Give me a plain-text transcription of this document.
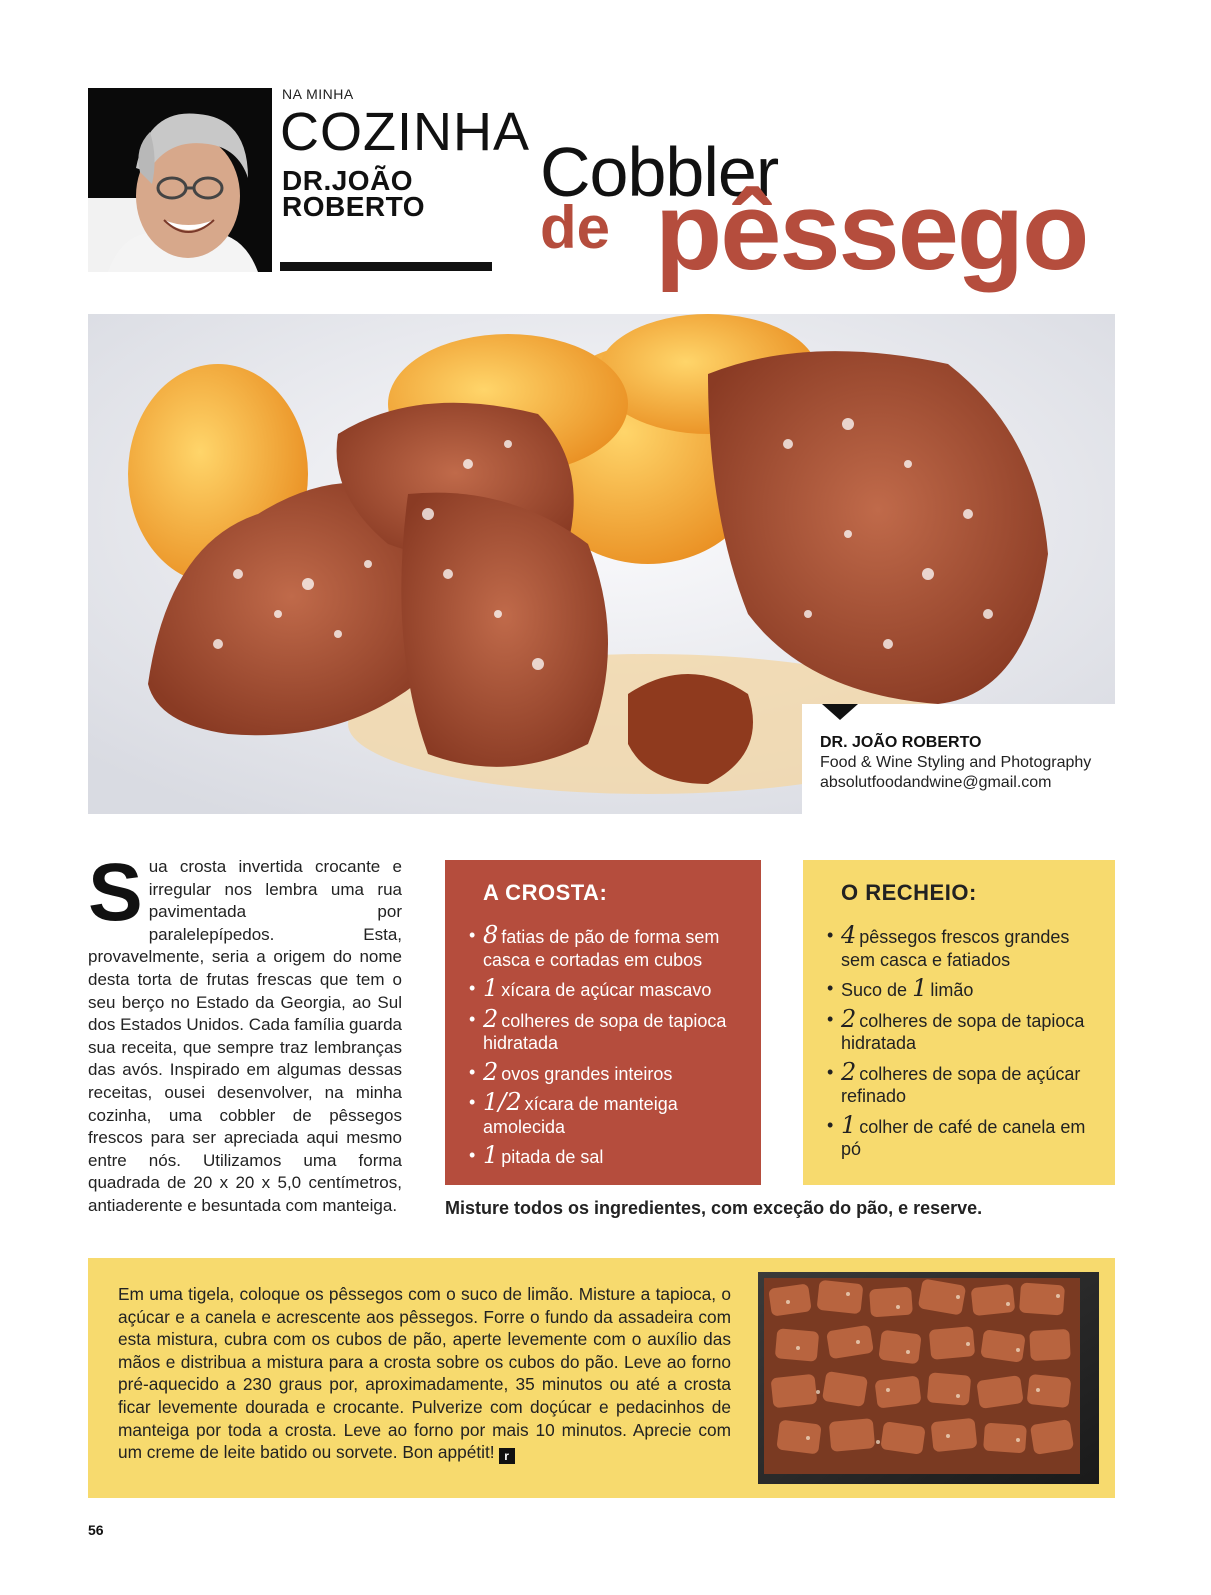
NA MINHA
COZINHA
DR.JOÃO
ROBERTO Cobbler
de pêssego
DR. JOÃO ROBERTO
Food & Wine Styling and Photography
absolutfoodandwine@gmail.com
Sua crosta invertida crocante e irregular nos lembra uma rua pavimentada por paralelepípedos. Esta, provavelmente, seria a origem do nome desta torta de frutas frescas que tem o seu berço no Estado da Georgia, ao Sul dos Estados Unidos. Cada família guarda sua receita, que sempre traz lembranças das avós. Inspirado em algumas dessas receitas, ousei desenvolver, na minha cozinha, uma cobbler de pêssegos frescos para ser apreciada aqui mesmo entre nós. Utilizamos uma forma quadrada de 20 x 20 x 5,0 centímetros, antiaderente e besuntada com manteiga.
A CROSTA:
• 8 fatias de pão de forma sem casca e cortadas em cubos
• 1 xícara de açúcar mascavo
• 2 colheres de sopa de tapioca hidratada
• 2 ovos grandes inteiros
• 1/2 xícara de manteiga amolecida
• 1 pitada de sal
O RECHEIO:
• 4 pêssegos frescos grandes sem casca e fatiados
• Suco de 1 limão
• 2 colheres de sopa de tapioca hidratada
• 2 colheres de sopa de açúcar refinado
• 1 colher de café de canela em pó
Misture todos os ingredientes, com exceção do pão, e reserve.
Em uma tigela, coloque os pêssegos com o suco de limão. Misture a tapioca, o açúcar e a canela e acrescente aos pêssegos. Forre o fundo da assadeira com esta mistura, cubra com os cubos de pão, aperte levemente com o auxílio das mãos e distribua a mistura para a crosta sobre os cubos do pão. Leve ao forno pré-aquecido a 230 graus por, aproximadamente, 35 minutos ou até a crosta ficar levemente dourada e crocante. Pulverize com doçúcar e pedacinhos de manteiga por toda a crosta. Leve ao forno por mais 10 minutos. Aprecie com um creme de leite batido ou sorvete. Bon appétit! r
56
